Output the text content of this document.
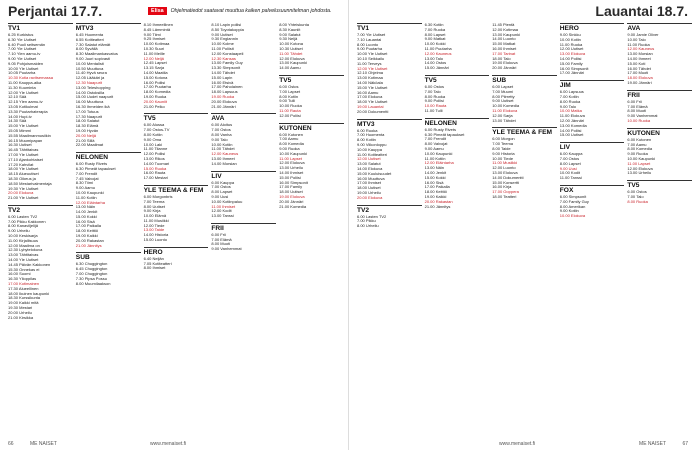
Perjantai 17.7.	Elisa	Ohjelmatiedot saatavat muuttua kaiken palvelusuunnitelman johdosta.
TV1
6.25 Kurkistus
6.30 Yle Uutiset
6.40 Puoli seitsemän
7.00 Yle Uutiset
7.10 Ylen aamu-tv
9.00 Yle Uutiset
9.05 Pohjoismaiden
10.00 Yle Uutiset
10.05 Puutarha
10.30 Kotia ravitsemassa
11.00 Kauppa-aika
11.30 Kuuminta
12.00 Yle Uutiset
12.10 Sää
12.15 Ylen aamu-tv
13.05 Kotikulmat
13.30 Puutarhaterapia
14.00 Hupi-tv
14.30 Sää
15.00 Yle Uutiset
15.05 Mimmi
15.55 Maailmanmusiikin
16.15 Muumipapan
16.30 Uutiset
16.45 Tähtitaivas
17.00 Yle Uutiset
17.10 Ajankohtaiset
17.20 Kahvilat
18.00 Yle Uutiset
18.15 Alueuutiset
18.30 Oikeus ja
18.50 Mestarivalmentaja
19.30 Yle Uutiset
20.00 Elokuva
21.00 Yle Uutiset
TV2
6.00 Lasten TV2
7.00 Pikku Kakkonen
8.00 Kanaviljelijä
9.00 Urheilu
10.00 Keskisarja
11.00 Kirjallisuus
12.00 Maailma on
12.30 Lyhytelokuva
13.00 Tähtitaivas
14.00 Yle Uutiset
14.45 Päivän Kakkonen
15.30 Onnekas ei
16.00 Suomi
16.30 Ylioppilas
17.00 Kotimainen
17.30 Alueellinen
18.00 Ikuinen kaupunki
18.30 Kurssikunta
19.00 Kaikki mitä
19.30 Mestari
20.00 Urheilu
21.00 Kirsikka
MTV3
6.45 Huomenta
6.55 Kotiteatteri
7.30 Salatut elämät
8.00 Syvällä
8.30 Maailmankasvatus
9.00 Juuri sopivasti
10.00 Mentalisti
10.50 Muuttuva
11.40 Hyvä seura
12.05 Lääkäri ja
12.30 Naapurit
13.00 Teleshopping
14.00 Ostoksilla
15.00 Uudet naapurit
16.00 Muuttuva
16.30 Ihmeiden ikä
17.00 Totuus
17.30 Naapurit
18.00 Salatut
18.30 Elämä
19.00 Hyvän
20.00 Neljä
21.00 Sillä
22.00 Maailmat
NELONEN
6.00 Rusty Rivets
6.30 Pimeät tapaukset
7.00 Frendit
7.45 Valvojat
8.30 Tiimi
9.00 Aamu
10.00 Kaupunki
11.00 Kotiin
12.00 Eläintarha
13.00 Näin
14.00 Jenkit
15.00 Kokki
16.00 Sisä
17.00 Paikalla
18.00 Keittiö
19.00 Kaikki
20.00 Rakastan
21.00 Jännitys
SUB
6.30 Chuggington
6.45 Chuggington
7.00 Chuggington
7.30 Pipsa Possu
8.00 Muumilaakson
8.10 Ihmeellinen
8.45 Lämmintä
9.00 Tiimi
9.25 Ihmiset
10.00 Kotimaa
10.30 Suuri
11.00 Meille
12.00 Neljä
12.45 Lapset
13.15 Sarja
14.00 Maatila
15.00 Kotona
16.00 Poliisi
17.00 Puutarha
18.00 Komedia
19.00 Ruoka
20.00 Kauniit
21.00 Pelko
TV5
6.00 Alussa
7.00 Ostos-TV
8.00 Kotiin
9.00 Oma
10.00 Laki
11.00 Tilanne
12.00 Poliisi
13.00 Rikos
14.00 Tuomari
15.00 Ruoka
16.00 Rauta
17.00 Mestari
YLE TEEMA & FEM
6.00 Morgonbris
7.00 Teema
8.00 Uutiset
9.00 Kirja
10.00 Elämä
11.00 Musiikki
12.00 Tiede
13.00 Taide
14.00 Historia
15.00 Luonto
HERO
6.40 Neljän
7.05 Kotiteatteri
8.00 Ihmiset
8.10 Lapin poliisi
8.50 Toyotakoppia
9.00 Uutiset
9.30 Englannin
10.00 Kolme
11.00 Poliisit
12.00 Konstaapeli
12.30 Kansas
13.00 Family Guy
13.30 Simpsonit
14.00 Tähdet
15.00 Lapin
16.00 Etsivä
17.00 Paholainen
18.00 Lapsuus
19.00 Ruoka
20.00 Elokuva
21.00 Jännäri
AVA
6.00 Aloitus
7.00 Ostos
8.00 Vanha
9.00 Talo
10.00 Kotiin
11.00 Tähdet
12.00 Kauneus
13.00 Ihmeet
14.00 Morsian
LIV
6.00 Kauppa
7.00 Ostos
8.00 Lapset
9.00 Uusi
10.00 Kotiinpaluu
11.00 Ihmiset
12.00 Kodit
13.00 Tanssi
FRII
6.00 Frii
7.00 Elämä
8.00 Muoti
9.00 Vanhemmat
8.00 Yhteiskunta
8.30 Kauniit
9.00 Salatut
9.30 Neljä
10.00 Kotona
10.30 Uutiset
11.00 Tähdet
12.00 Elokuva
13.00 Kaupunki
14.00 Aamu
TV5
6.00 Ostos
7.00 Lapset
8.00 Kotiin
9.00 Tulli
10.00 Ruoka
11.00 Rauta
12.00 Poliisi
KUTONEN
6.00 Kutonen
7.00 Aamu
8.00 Komedia
9.00 Ruoka
10.00 Kaupunki
11.00 Lapset
12.00 Elokuva
13.00 Urheilu
14.00 Ihmiset
15.00 Poliisi
16.00 Simpsonit
17.00 Family
18.00 Uutiset
19.00 Elokuva
20.00 Jännäri
21.00 Komedia
66	ME NAISET	www.menaiset.fi
Lauantai 18.7.
TV1
7.00 Yle Uutiset
7.10 Lauantai
8.00 Luonto
9.00 Puutarha
10.00 Yle Uutiset
10.10 Seikkailu
11.00 Terveys
12.00 Yle Uutiset
12.10 Ohjelma
13.00 Kotimaa
14.00 Näköala
15.00 Yle Uutiset
16.00 Aamu
17.00 Elokuva
18.00 Yle Uutiset
19.00 Lauantai
20.00 Dokumentti
MTV3
6.00 Ruoka
7.00 Huomenta
8.00 Kotiin
9.00 Viikonloppu
10.00 Kauppa
11.00 Kotiteatteri
12.00 Uutiset
13.00 Salatut
14.00 Elokuva
15.00 Kuuluisuudet
16.00 Muuttuva
17.00 Ihmiset
18.00 Uutiset
19.00 Urheilu
20.00 Elokuva
TV2
6.00 Lasten TV2
7.00 Pikku
8.00 Urheilu
6.30 Kotiin
7.00 Ruoka
8.00 Lapset
9.00 Matkat
10.00 Kokki
11.00 Puutarha
12.00 Kauneus
13.00 Talo
14.00 Ostos
15.00 Jännäri
TV5
6.00 Ostos
7.00 Talo
8.00 Ruoka
9.00 Poliisi
10.00 Rauta
11.00 Tulli
NELONEN
6.00 Rusty Rivets
6.30 Pimeät tapaukset
7.00 Frendit
8.00 Valvojat
9.00 Aamu
10.00 Kaupunki
11.00 Kotiin
12.00 Eläintarha
13.00 Näin
14.00 Jenkit
15.00 Kokki
16.00 Sisä
17.00 Paikalla
18.00 Keittiö
19.00 Kaikki
20.00 Rakastan
21.00 Jännitys
11.45 Pientä
12.00 Kotimaa
13.00 Kaupunki
14.00 Luonto
15.00 Matkat
16.00 Ihmiset
17.00 Tarinat
18.00 Talo
19.00 Elokuva
20.00 Jännäri
SUB
6.00 Lapset
7.00 Muumi
8.00 Piirretty
9.00 Uutiset
10.00 Komedia
11.00 Elokuva
12.00 Sarja
13.00 Tähdet
YLE TEEMA & FEM
6.00 Morgon
7.00 Teema
8.00 Taide
9.00 Historia
10.00 Tiede
11.00 Musiikki
12.00 Luonto
13.00 Elokuva
14.00 Dokumentti
15.00 Konsertti
16.00 Kirja
17.00 Ooppera
18.00 Teatteri
HERO
9.00 Sinkku
10.00 Kotiin
11.00 Ruoka
12.00 Uutiset
13.00 Elokuva
14.00 Poliisi
15.00 Family
16.00 Simpsonit
17.00 Jännäri
JIM
6.00 Lapsuus
7.00 Kotiin
8.00 Ruoka
9.00 Talo
10.00 Matka
11.00 Elokuva
12.00 Jännäri
13.00 Komedia
14.00 Poliisi
15.00 Uutiset
LIV
6.00 Kauppa
7.00 Ostos
8.00 Lapset
9.00 Uusi
10.00 Kodit
11.00 Tanssi
FOX
6.00 Simpsonit
7.00 Family Guy
8.00 Amerikan
9.00 Kotiin
10.00 Elokuva
AVA
9.00 Jamie Oliver
10.00 Talo
11.00 Ruoka
12.00 Kauneus
13.00 Morsian
14.00 Ihmeet
15.00 Koti
16.00 Tähdet
17.00 Muoti
18.00 Elokuva
19.00 Jännäri
FRII
6.00 Frii
7.00 Elämä
8.00 Muoti
9.00 Vanhemmat
10.00 Ruoka
KUTONEN
6.00 Kutonen
7.00 Aamu
8.00 Komedia
9.00 Ruoka
10.00 Kaupunki
11.00 Lapset
12.00 Elokuva
13.00 Urheilu
TV5
6.00 Ostos
7.00 Talo
8.00 Ruoka
www.menaiset.fi	ME NAISET	67
